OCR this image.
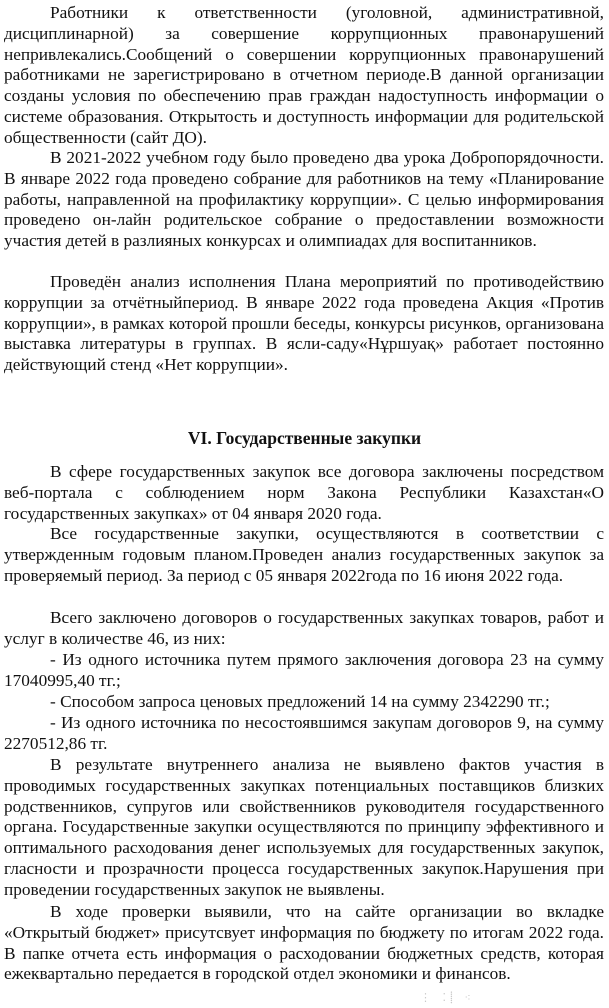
Работники к ответственности (уголовной, административной, дисциплинарной) за совершение коррупционных правонарушений непривлекались.Сообщений о совершении коррупционных правонарушений работниками не зарегистрировано в отчетном периоде.В данной организации созданы условия по обеспечению прав граждан надоступность информации о системе образования. Открытость и доступность информации для родительской общественности (сайт ДО).

В 2021-2022 учебном году было проведено два урока Добропорядочности. В январе 2022 года проведено собрание для работников на тему «Планирование работы, направленной на профилактику коррупции». С целью информирования проведено он-лайн родительское собрание о предоставлении возможности участия детей в разлияных конкурсах и олимпиадах для воспитанников.

Проведён анализ исполнения Плана мероприятий по противодействию коррупции за отчётныйпериод. В январе 2022 года проведена Акция «Против коррупции», в рамках которой прошли беседы, конкурсы рисунков, организована выставка литературы в группах. В ясли-саду«Нұршуақ» работает постоянно действующий стенд «Нет коррупции».

VI. Государственные закупки

В сфере государственных закупок все договора заключены посредством веб-портала с соблюдением норм Закона Республики Казахстан«О государственных закупках» от 04 января 2020 года.

Все государственные закупки, осуществляются в соответствии с утвержденным годовым планом.Проведен анализ государственных закупок за проверяемый период. За период с 05 января 2022года по 16 июня 2022 года.

Всего заключено договоров о государственных закупках товаров, работ и услуг в количестве 46, из них:

- Из одного источника путем прямого заключения договора 23 на сумму 17040995,40 тг.;

- Способом запроса ценовых предложений 14 на сумму 2342290 тг.;

- Из одного источника по несостоявшимся закупам договоров 9, на сумму 2270512,86 тг.

В результате внутреннего анализа не выявлено фактов участия в проводимых государственных закупках потенциальных поставщиков близких родственников, супругов или свойственников руководителя государственного органа. Государственные закупки осуществляются по принципу эффективного и оптимального расходования денег используемых для государственных закупок, гласности и прозрачности процесса государственных закупок.Нарушения при проведении государственных закупок не выявлены.

В ходе проверки выявили, что на сайте организации во вкладке «Открытый бюджет» присутсвует информация по бюджету по итогам 2022 года. В папке отчета есть информация о расходовании бюджетных средств, которая ежеквартально передается в городской отдел экономики и финансов.

⋮ ⁚⸽ ⁖
